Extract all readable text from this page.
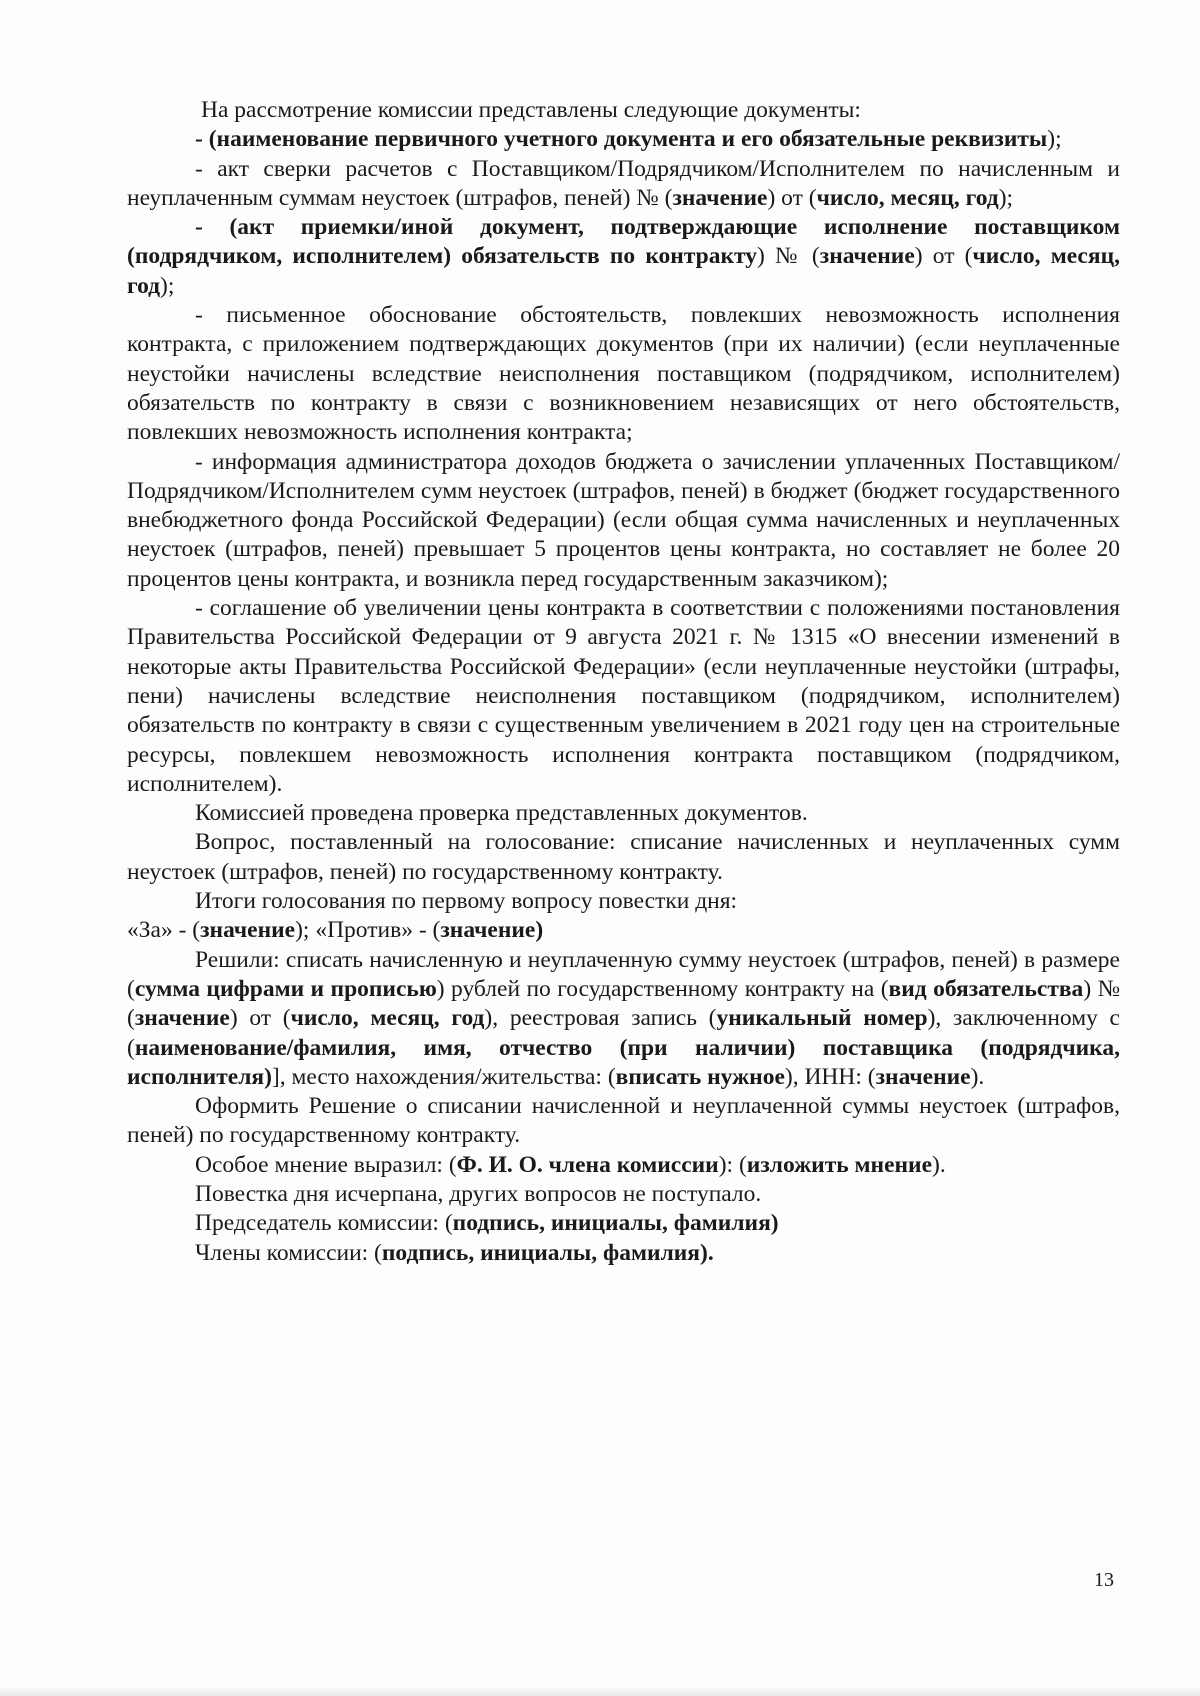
На рассмотрение комиссии представлены следующие документы:

- (наименование первичного учетного документа и его обязательные реквизиты);

- акт сверки расчетов с Поставщиком/Подрядчиком/Исполнителем по начисленным и неуплаченным суммам неустоек (штрафов, пеней) № (значение) от (число, месяц, год);

- (акт приемки/иной документ, подтверждающие исполнение поставщиком (подрядчиком, исполнителем) обязательств по контракту) № (значение) от (число, месяц, год);

- письменное обоснование обстоятельств, повлекших невозможность исполнения контракта, с приложением подтверждающих документов (при их наличии) (если неуплаченные неустойки начислены вследствие неисполнения поставщиком (подрядчиком, исполнителем) обязательств по контракту в связи с возникновением независящих от него обстоятельств, повлекших невозможность исполнения контракта;

- информация администратора доходов бюджета о зачислении уплаченных Поставщиком/Подрядчиком/Исполнителем сумм неустоек (штрафов, пеней) в бюджет (бюджет государственного внебюджетного фонда Российской Федерации) (если общая сумма начисленных и неуплаченных неустоек (штрафов, пеней) превышает 5 процентов цены контракта, но составляет не более 20 процентов цены контракта, и возникла перед государственным заказчиком);

- соглашение об увеличении цены контракта в соответствии с положениями постановления Правительства Российской Федерации от 9 августа 2021 г. № 1315 «О внесении изменений в некоторые акты Правительства Российской Федерации» (если неуплаченные неустойки (штрафы, пени) начислены вследствие неисполнения поставщиком (подрядчиком, исполнителем) обязательств по контракту в связи с существенным увеличением в 2021 году цен на строительные ресурсы, повлекшем невозможность исполнения контракта поставщиком (подрядчиком, исполнителем).

Комиссией проведена проверка представленных документов.

Вопрос, поставленный на голосование: списание начисленных и неуплаченных сумм неустоек (штрафов, пеней) по государственному контракту.

Итоги голосования по первому вопросу повестки дня:

«За» - (значение); «Против» - (значение)

Решили: списать начисленную и неуплаченную сумму неустоек (штрафов, пеней) в размере (сумма цифрами и прописью) рублей по государственному контракту на (вид обязательства) № (значение) от (число, месяц, год), реестровая запись (уникальный номер), заключенному с (наименование/фамилия, имя, отчество (при наличии) поставщика (подрядчика, исполнителя)], место нахождения/жительства: (вписать нужное), ИНН: (значение).

Оформить Решение о списании начисленной и неуплаченной суммы неустоек (штрафов, пеней) по государственному контракту.

Особое мнение выразил: (Ф. И. О. члена комиссии): (изложить мнение).

Повестка дня исчерпана, других вопросов не поступало.

Председатель комиссии: (подпись, инициалы, фамилия)

Члены комиссии: (подпись, инициалы, фамилия).

13
